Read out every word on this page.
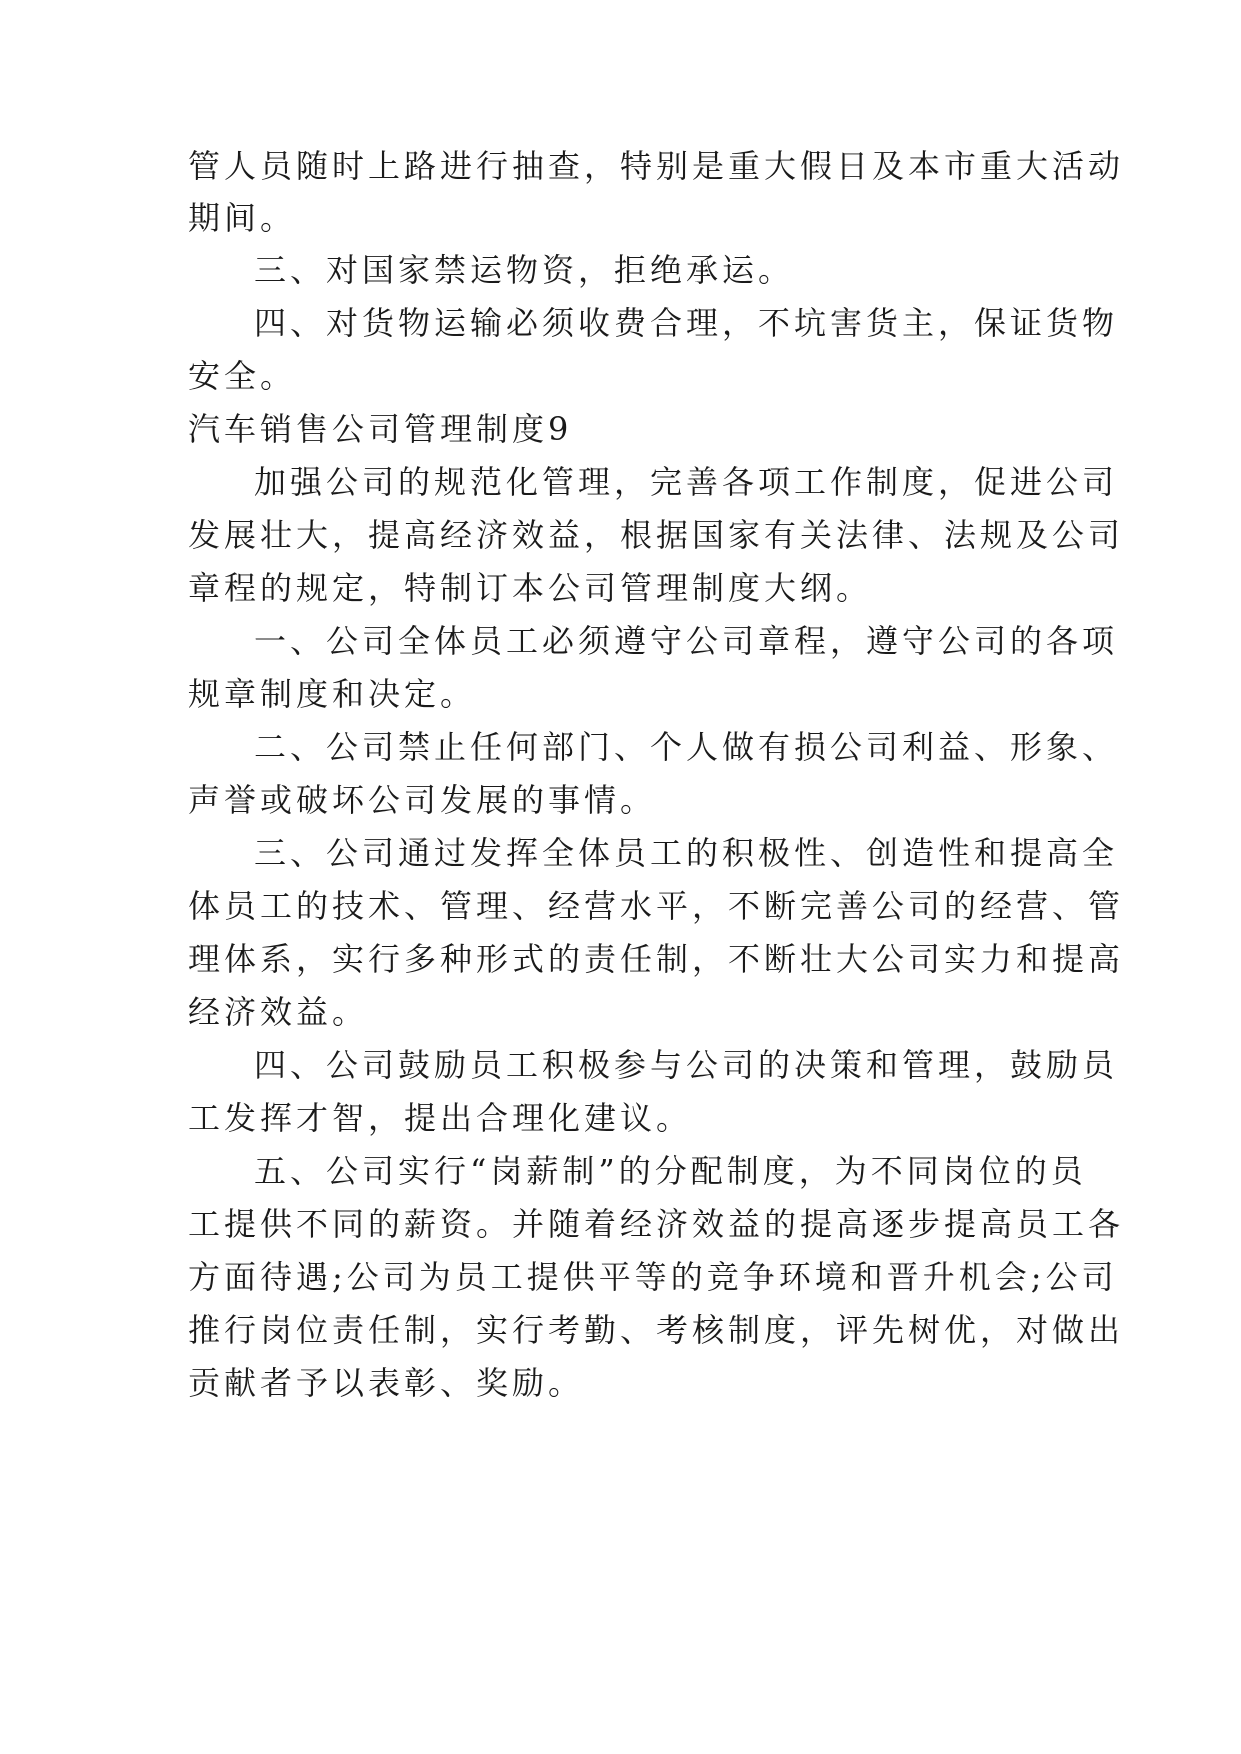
管人员随时上路进行抽查，特别是重大假日及本市重大活动
期间。
三、对国家禁运物资，拒绝承运。
四、对货物运输必须收费合理，不坑害货主，保证货物
安全。
汽车销售公司管理制度9
加强公司的规范化管理，完善各项工作制度，促进公司
发展壮大，提高经济效益，根据国家有关法律、法规及公司
章程的规定，特制订本公司管理制度大纲。
一、公司全体员工必须遵守公司章程，遵守公司的各项
规章制度和决定。
二、公司禁止任何部门、个人做有损公司利益、形象、
声誉或破坏公司发展的事情。
三、公司通过发挥全体员工的积极性、创造性和提高全
体员工的技术、管理、经营水平，不断完善公司的经营、管
理体系，实行多种形式的责任制，不断壮大公司实力和提高
经济效益。
四、公司鼓励员工积极参与公司的决策和管理，鼓励员
工发挥才智，提出合理化建议。
五、公司实行“岗薪制”的分配制度，为不同岗位的员
工提供不同的薪资。并随着经济效益的提高逐步提高员工各
方面待遇;公司为员工提供平等的竞争环境和晋升机会;公司
推行岗位责任制，实行考勤、考核制度，评先树优，对做出
贡献者予以表彰、奖励。
